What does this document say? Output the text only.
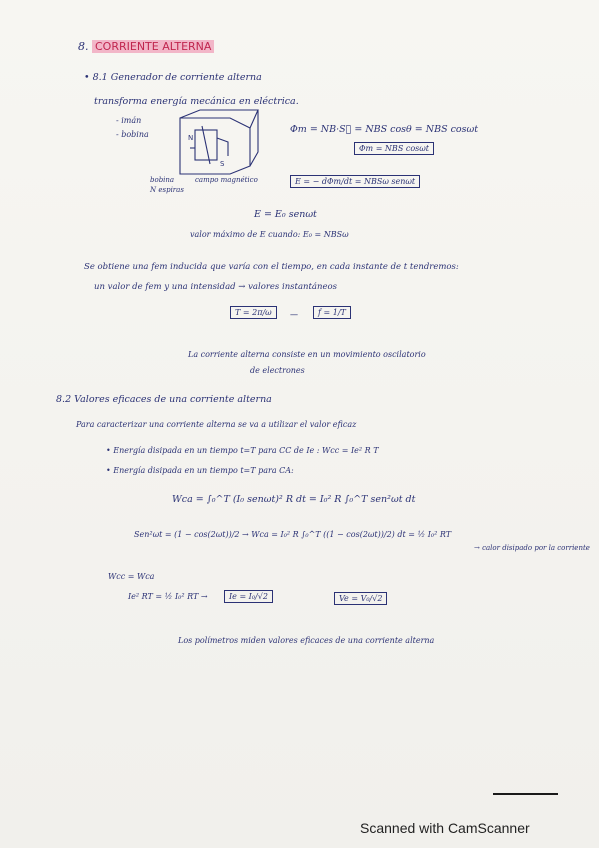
8. CORRIENTE ALTERNA
• 8.1 Generador de corriente alterna
transforma energía mecánica en eléctrica.
- imán
- bobina	N
S
bobina
N espiras
campo magnético
Φm = NB·S⃗ = NBS cosθ = NBS cosωt
Φm = NBS cosωt
E = − dΦm/dt = NBSω senωt
E = E₀ senωt
valor máximo de E cuando: E₀ = NBSω
Se obtiene una fem inducida que varía con el tiempo, en cada instante de t tendremos:
un valor de fem y una intensidad → valores instantáneos
T = 2π/ω	—	f = 1/T
La corriente alterna consiste en un movimiento oscilatorio
de electrones
8.2 Valores eficaces de una corriente alterna
Para caracterizar una corriente alterna se va a utilizar el valor eficaz
• Energía disipada en un tiempo t=T para CC de Ie : Wcc = Ie² R T
• Energía disipada en un tiempo t=T para CA:
Wca = ∫₀^T (I₀ senωt)² R dt = I₀² R ∫₀^T sen²ωt dt
Sen²ωt = (1 − cos(2ωt))/2 → Wca = I₀² R ∫₀^T ((1 − cos(2ωt))/2) dt = ½ I₀² RT
→ calor disipado por la corriente
Wcc = Wca
Ie² RT = ½ I₀² RT →	Ie = I₀/√2	Ve = V₀/√2
Los polímetros miden valores eficaces de una corriente alterna
Scanned with CamScanner
